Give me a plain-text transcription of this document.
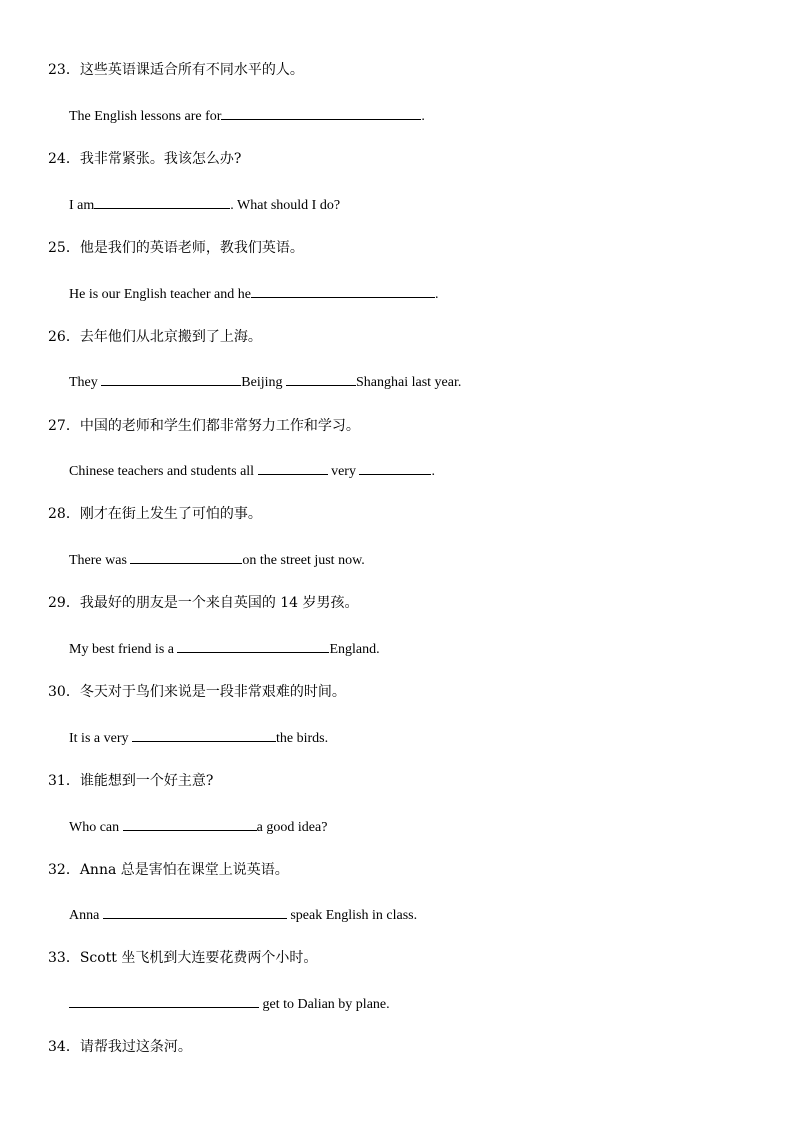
23．这些英语课适合所有不同水平的人。
The English lessons are for	.
24．我非常紧张。我该怎么办?
I am	. What should I do?
25．他是我们的英语老师，教我们英语。
He is our English teacher and he	.
26．去年他们从北京搬到了上海。
They	Beijing	Shanghai last year.
27．中国的老师和学生们都非常努力工作和学习。
Chinese teachers and students all	very	.
28．刚才在街上发生了可怕的事。
There was	on the street just now.
29．我最好的朋友是一个来自英国的 14 岁男孩。
My best friend is a	England.
30．冬天对于鸟们来说是一段非常艰难的时间。
It is a very	the birds.
31．谁能想到一个好主意?
Who can	a good idea?
32．Anna 总是害怕在课堂上说英语。
Anna	speak English in class.
33．Scott 坐飞机到大连要花费两个小时。
get to Dalian by plane.
34．请帮我过这条河。
